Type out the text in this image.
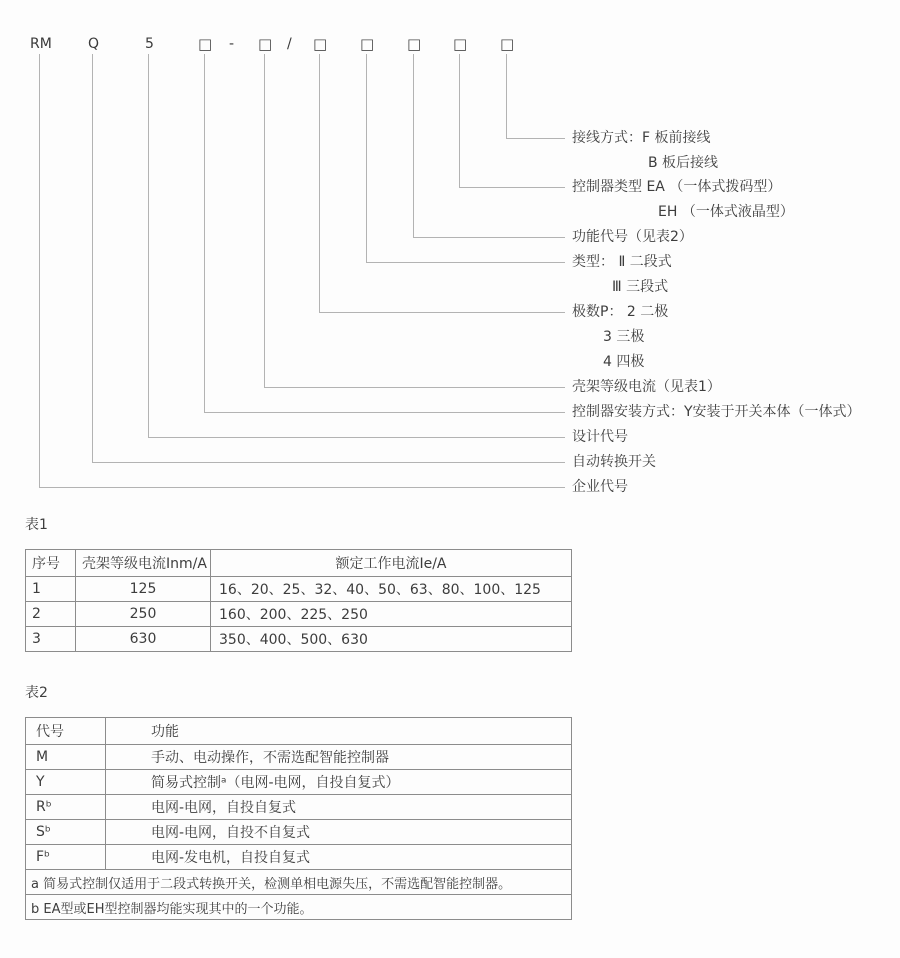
RM	Q	5	□ - □ / □ □ □ □ □
接线方式：F 板前接线
B 板后接线
控制器类型 EA （一体式拨码型）
EH （一体式液晶型）
功能代号（见表2）
类型： Ⅱ 二段式
Ⅲ 三段式
极数P： 2 二极
3 三极
4 四极
壳架等级电流（见表1）
控制器安装方式：Y安装于开关本体（一体式）
设计代号
自动转换开关
企业代号
表1
序号	壳架等级电流Inm/A	额定工作电流Ie/A
1	125	16、20、25、32、40、50、63、80、100、125
2	250	160、200、225、250
3	630	350、400、500、630
表2
代号	功能
M	手动、电动操作，不需选配智能控制器
Y	简易式控制ᵃ（电网-电网，自投自复式）
Rᵇ	电网-电网，自投自复式
Sᵇ	电网-电网，自投不自复式
Fᵇ	电网-发电机，自投自复式
a 简易式控制仅适用于二段式转换开关，检测单相电源失压，不需选配智能控制器。	
b EA型或EH型控制器均能实现其中的一个功能。	
